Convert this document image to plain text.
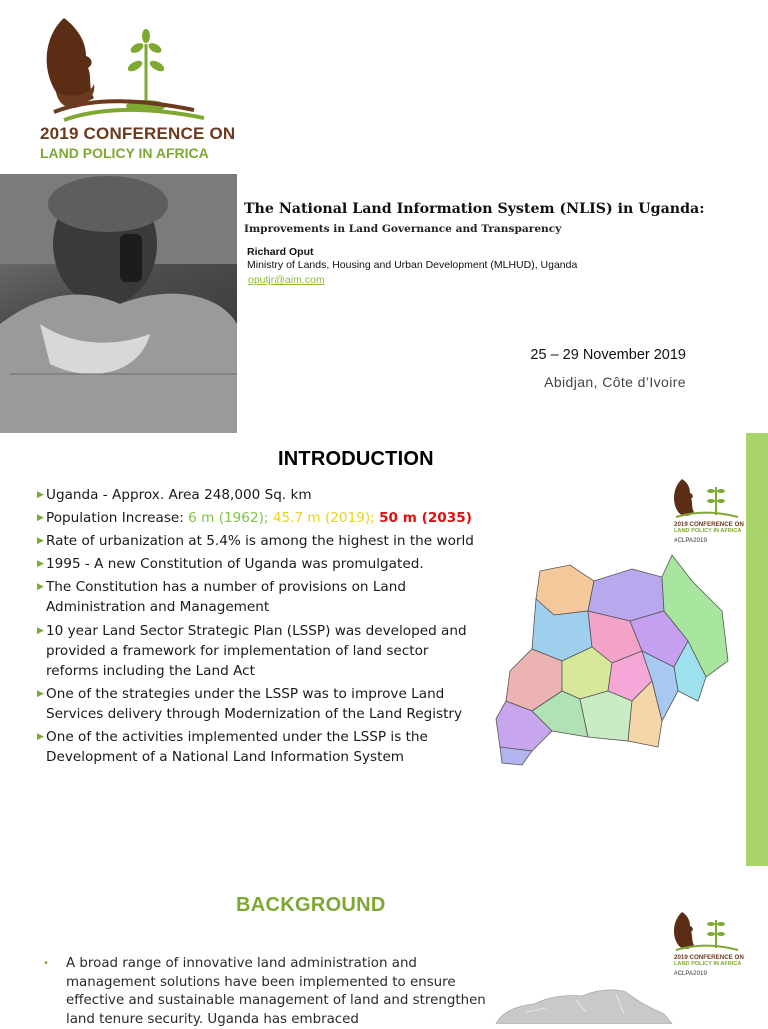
2019 CONFERENCE ON
LAND POLICY IN AFRICA
The National Land Information System (NLIS) in Uganda:
Improvements in Land Governance and Transparency
Richard Oput
Ministry of Lands, Housing and Urban Development (MLHUD), Uganda
oputjr@aim.com
25 – 29 November 2019
Abidjan, Côte d’Ivoire
INTRODUCTION
▶ Uganda - Approx. Area 248,000 Sq. km
▶ Population Increase: 6 m (1962); 45.7 m (2019); 50 m (2035)
▶ Rate of urbanization at 5.4% is among the highest in the world
▶ 1995 - A new Constitution of Uganda was promulgated.
▶ The Constitution has a number of provisions on Land Administration and Management
▶ 10 year Land Sector Strategic Plan (LSSP) was developed and provided a framework for implementation of land sector reforms including the Land Act
▶ One of the strategies under the LSSP was to improve Land Services delivery through Modernization of the Land Registry
▶ One of the activities implemented under the LSSP is the Development of a National Land Information System
2019 CONFERENCE ON
LAND POLICY IN AFRICA
#CLPA2019
BACKGROUND
•	A broad range of innovative land administration and management solutions have been implemented to ensure effective and sustainable management of land and strengthen land tenure security. Uganda has embraced

2019 CONFERENCE ON
LAND POLICY IN AFRICA
#CLPA2019
